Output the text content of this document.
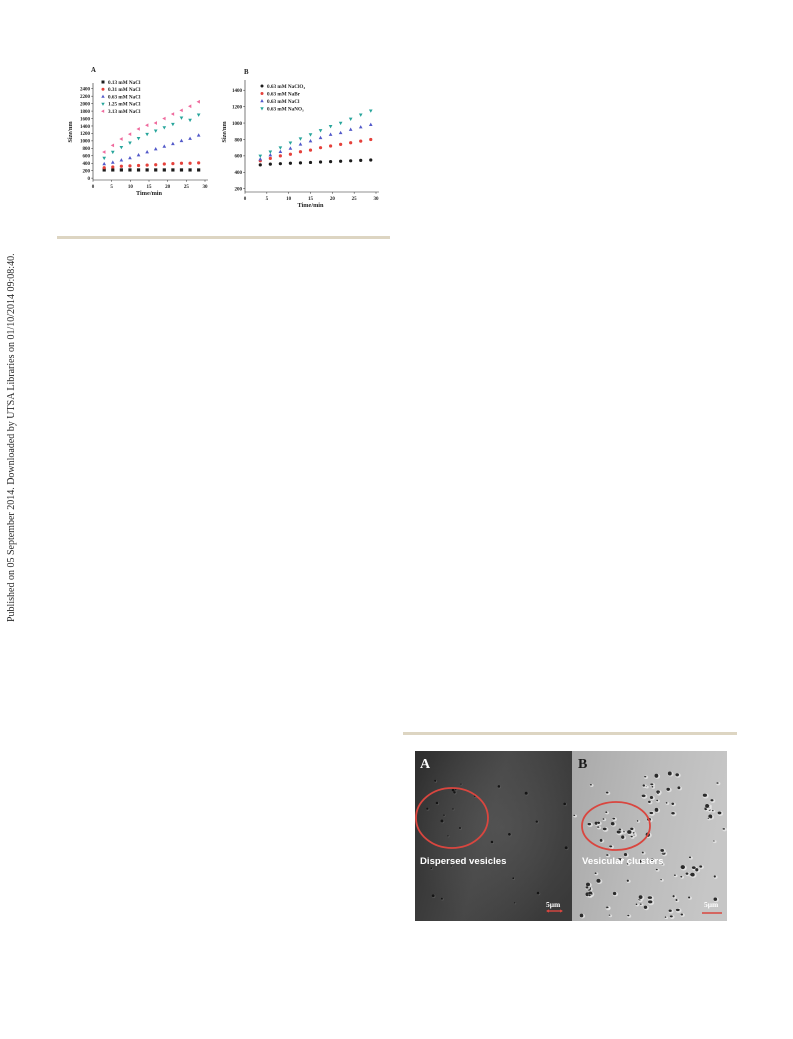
Published on 05 September 2014. Downloaded by UTSA Libraries on 01/10/2014 09:08:40.
0
200
400
600
800
1000
1200
1400
1600
1800
2000
2200
2400
0	5	10	15	20	25	30
Time/min
Size/nm
A
0.13 mM NaCl
0.31 mM NaCl
0.63 mM NaCl
1.25 mM NaCl
3.13 mM NaCl
200
400
600
800
1000
1200
1400
0	5	10	15	20	25	30
Time/min
Size/nm
B
0.63 mM NaClO₄
0.63 mM NaBr
0.63 mM NaCl
0.63 mM NaNO₃
A	B
Dispersed vesicles	Vesicular clusters
5μm	5μm
